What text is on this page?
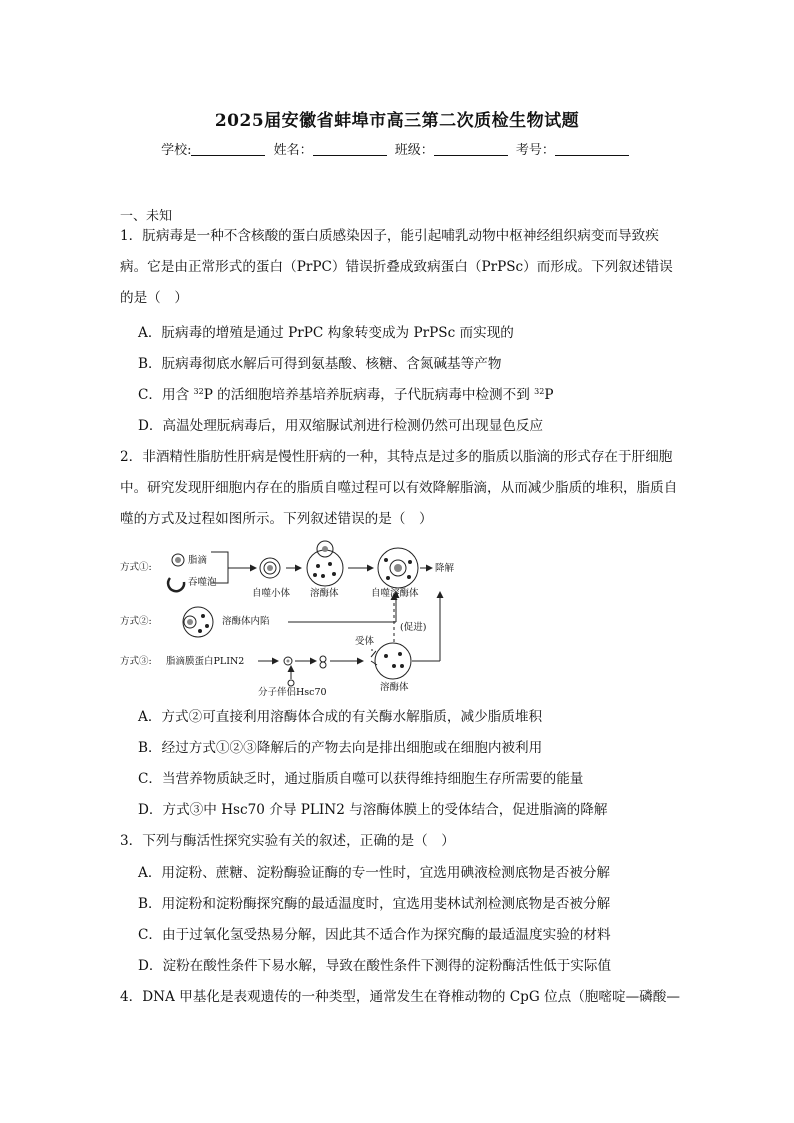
2025届安徽省蚌埠市高三第二次质检生物试题
学校:	姓名：	班级：	考号：
一、未知
1．朊病毒是一种不含核酸的蛋白质感染因子，能引起哺乳动物中枢神经组织病变而导致疾病。它是由正常形式的蛋白（PrPC）错误折叠成致病蛋白（PrPSc）而形成。下列叙述错误的是（　）
A．朊病毒的增殖是通过 PrPC 构象转变成为 PrPSc 而实现的
B．朊病毒彻底水解后可得到氨基酸、核糖、含氮碱基等产物
C．用含 $^{32}$P 的活细胞培养基培养朊病毒，子代朊病毒中检测不到 $^{32}$P
D．高温处理朊病毒后，用双缩脲试剂进行检测仍然可出现显色反应
2．非酒精性脂肪性肝病是慢性肝病的一种，其特点是过多的脂质以脂滴的形式存在于肝细胞中。研究发现肝细胞内存在的脂质自噬过程可以有效降解脂滴，从而减少脂质的堆积，脂质自噬的方式及过程如图所示。下列叙述错误的是（　）
方式①:
脂滴
吞噬泡
自噬小体 溶酶体	自噬溶酶体
降解
方式②:	溶酶体内陷
(促进)
方式③: 脂滴膜蛋白PLIN2
受体
分子伴侣Hsc70	溶酶体
A．方式②可直接利用溶酶体合成的有关酶水解脂质，减少脂质堆积
B．经过方式①②③降解后的产物去向是排出细胞或在细胞内被利用
C．当营养物质缺乏时，通过脂质自噬可以获得维持细胞生存所需要的能量
D．方式③中 Hsc70 介导 PLIN2 与溶酶体膜上的受体结合，促进脂滴的降解
3．下列与酶活性探究实验有关的叙述，正确的是（　）
A．用淀粉、蔗糖、淀粉酶验证酶的专一性时，宜选用碘液检测底物是否被分解
B．用淀粉和淀粉酶探究酶的最适温度时，宜选用斐林试剂检测底物是否被分解
C．由于过氧化氢受热易分解，因此其不适合作为探究酶的最适温度实验的材料
D．淀粉在酸性条件下易水解，导致在酸性条件下测得的淀粉酶活性低于实际值
4．DNA 甲基化是表观遗传的一种类型，通常发生在脊椎动物的 CpG 位点（胞嘧啶—磷酸—
